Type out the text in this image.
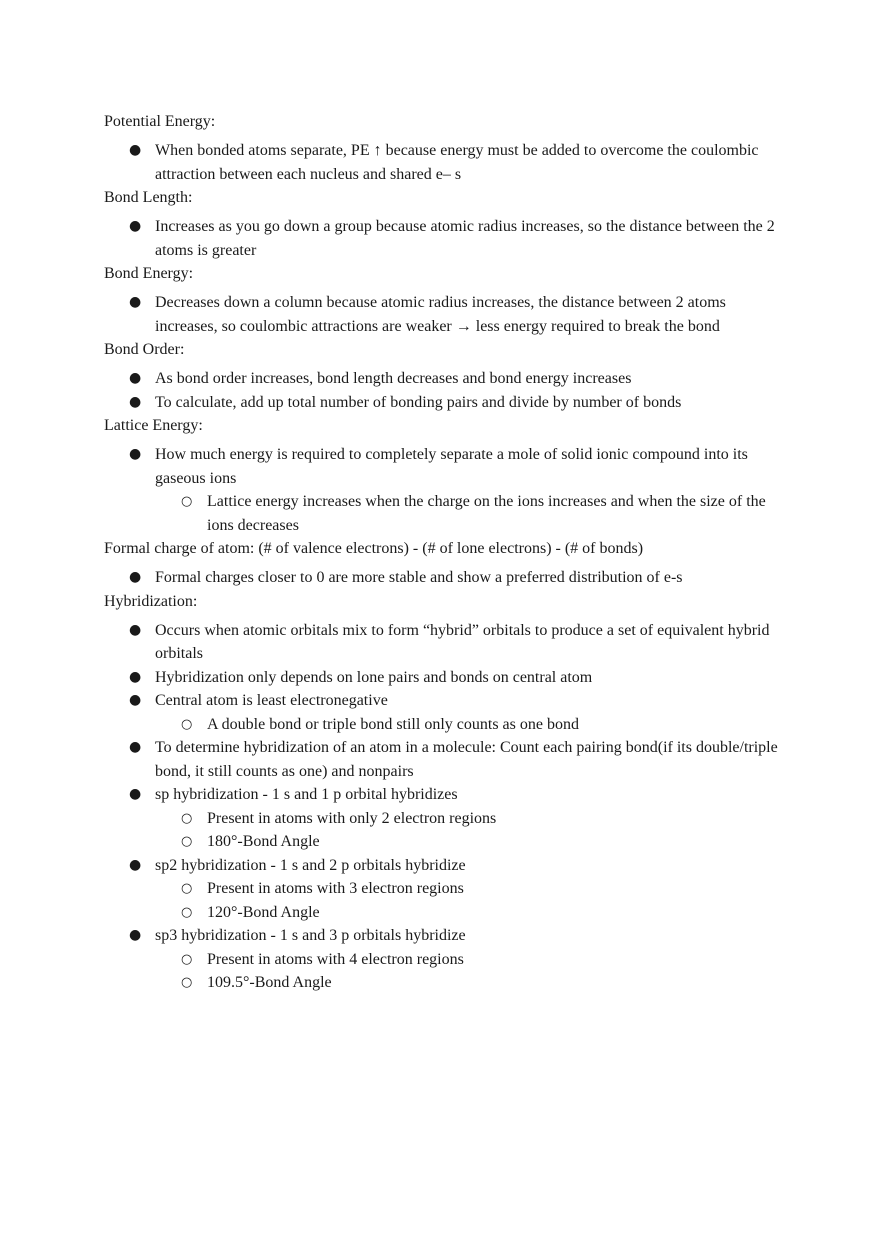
Potential Energy:
● When bonded atoms separate, PE ↑ because energy must be added to overcome the coulombic attraction between each nucleus and shared e– s
Bond Length:
● Increases as you go down a group because atomic radius increases, so the distance between the 2 atoms is greater
Bond Energy:
● Decreases down a column because atomic radius increases, the distance between 2 atoms increases, so coulombic attractions are weaker → less energy required to break the bond
Bond Order:
● As bond order increases, bond length decreases and bond energy increases
● To calculate, add up total number of bonding pairs and divide by number of bonds
Lattice Energy:
● How much energy is required to completely separate a mole of solid ionic compound into its gaseous ions
○ Lattice energy increases when the charge on the ions increases and when the size of the ions decreases
Formal charge of atom: (# of valence electrons) - (# of lone electrons) - (# of bonds)
● Formal charges closer to 0 are more stable and show a preferred distribution of e-s
Hybridization:
● Occurs when atomic orbitals mix to form “hybrid” orbitals to produce a set of equivalent hybrid orbitals
● Hybridization only depends on lone pairs and bonds on central atom
● Central atom is least electronegative
○ A double bond or triple bond still only counts as one bond
● To determine hybridization of an atom in a molecule: Count each pairing bond(if its double/triple bond, it still counts as one) and nonpairs
● sp hybridization - 1 s and 1 p orbital hybridizes
○ Present in atoms with only 2 electron regions
○ 180°-Bond Angle
● sp2 hybridization - 1 s and 2 p orbitals hybridize
○ Present in atoms with 3 electron regions
○ 120°-Bond Angle
● sp3 hybridization - 1 s and 3 p orbitals hybridize
○ Present in atoms with 4 electron regions
○ 109.5°-Bond Angle
